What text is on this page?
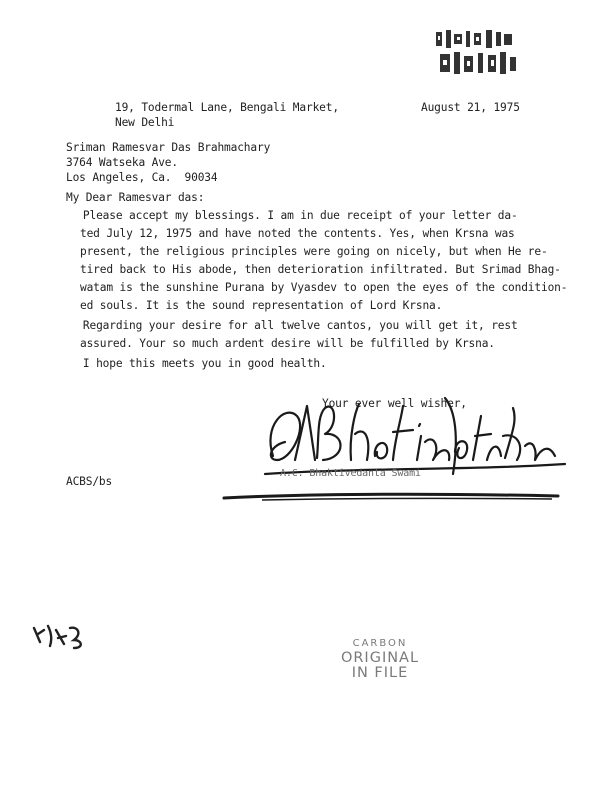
19, Todermal Lane, Bengali Market,
New Delhi
August 21, 1975
Sriman Ramesvar Das Brahmachary
3764 Watseka Ave.
Los Angeles, Ca.  90034
My Dear Ramesvar das:
Please accept my blessings. I am in due receipt of your letter da-
ted July 12, 1975 and have noted the contents. Yes, when Krsna was
present, the religious principles were going on nicely, but when He re-
tired back to His abode, then deterioration infiltrated. But Srimad Bhag-
watam is the sunshine Purana by Vyasdev to open the eyes of the condition-
ed souls. It is the sound representation of Lord Krsna.
Regarding your desire for all twelve cantos, you will get it, rest
assured. Your so much ardent desire will be fulfilled by Krsna.
I hope this meets you in good health.
Your ever well wisher,
A.C. Bhaktivedanta Swami
ACBS/bs
CARBON
ORIGINAL
IN FILE
